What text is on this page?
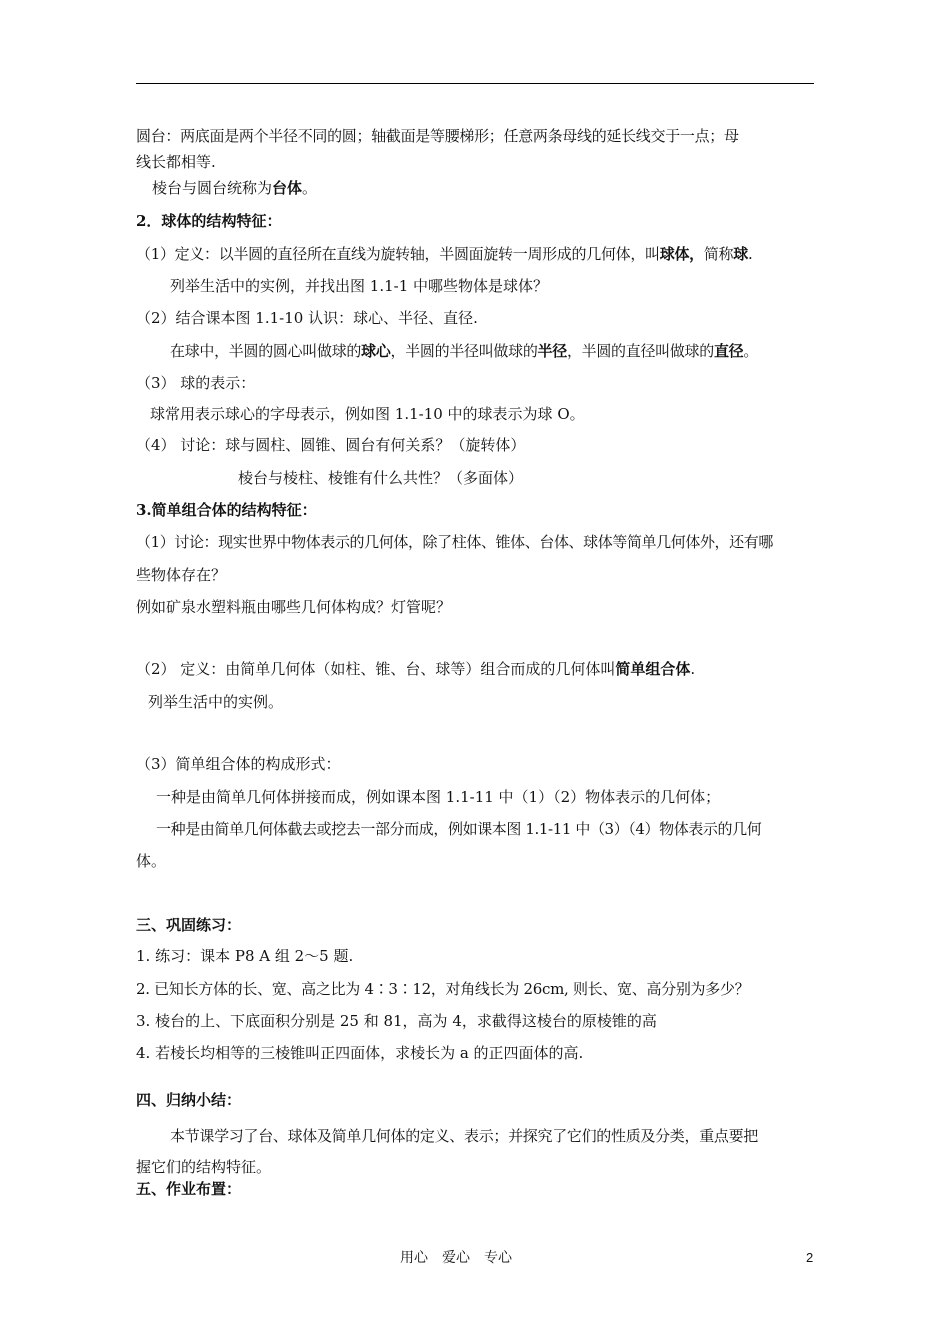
圆台：两底面是两个半径不同的圆；轴截面是等腰梯形；任意两条母线的延长线交于一点；母
线长都相等.
棱台与圆台统称为台体。
2．球体的结构特征：
（1）定义：以半圆的直径所在直线为旋转轴，半圆面旋转一周形成的几何体，叫球体，简称球.
列举生活中的实例，并找出图 1.1-1 中哪些物体是球体？
（2）结合课本图 1.1-10 认识：球心、半径、直径.
在球中，半圆的圆心叫做球的球心，半圆的半径叫做球的半径，半圆的直径叫做球的直径。
（3） 球的表示：
球常用表示球心的字母表示，例如图 1.1-10 中的球表示为球 O。
（4） 讨论：球与圆柱、圆锥、圆台有何关系？（旋转体）
棱台与棱柱、棱锥有什么共性？（多面体）
3.简单组合体的结构特征：
（1）讨论：现实世界中物体表示的几何体，除了柱体、锥体、台体、球体等简单几何体外，还有哪
些物体存在？
例如矿泉水塑料瓶由哪些几何体构成？灯管呢？
（2） 定义：由简单几何体（如柱、锥、台、球等）组合而成的几何体叫简单组合体.
列举生活中的实例。
（3）简单组合体的构成形式：
一种是由简单几何体拼接而成，例如课本图 1.1-11 中（1）（2）物体表示的几何体；
一种是由简单几何体截去或挖去一部分而成，例如课本图 1.1-11 中（3）（4）物体表示的几何
体。
三、巩固练习：
1. 练习：课本 P8 A 组 2～5 题.
2. 已知长方体的长、宽、高之比为 4∶3∶12，对角线长为 26cm, 则长、宽、高分别为多少？
3. 棱台的上、下底面积分别是 25 和 81，高为 4，求截得这棱台的原棱锥的高
4. 若棱长均相等的三棱锥叫正四面体，求棱长为 a 的正四面体的高.
四、归纳小结：
本节课学习了台、球体及简单几何体的定义、表示；并探究了它们的性质及分类，重点要把
握它们的结构特征。
五、作业布置：
用心　爱心　专心	2
